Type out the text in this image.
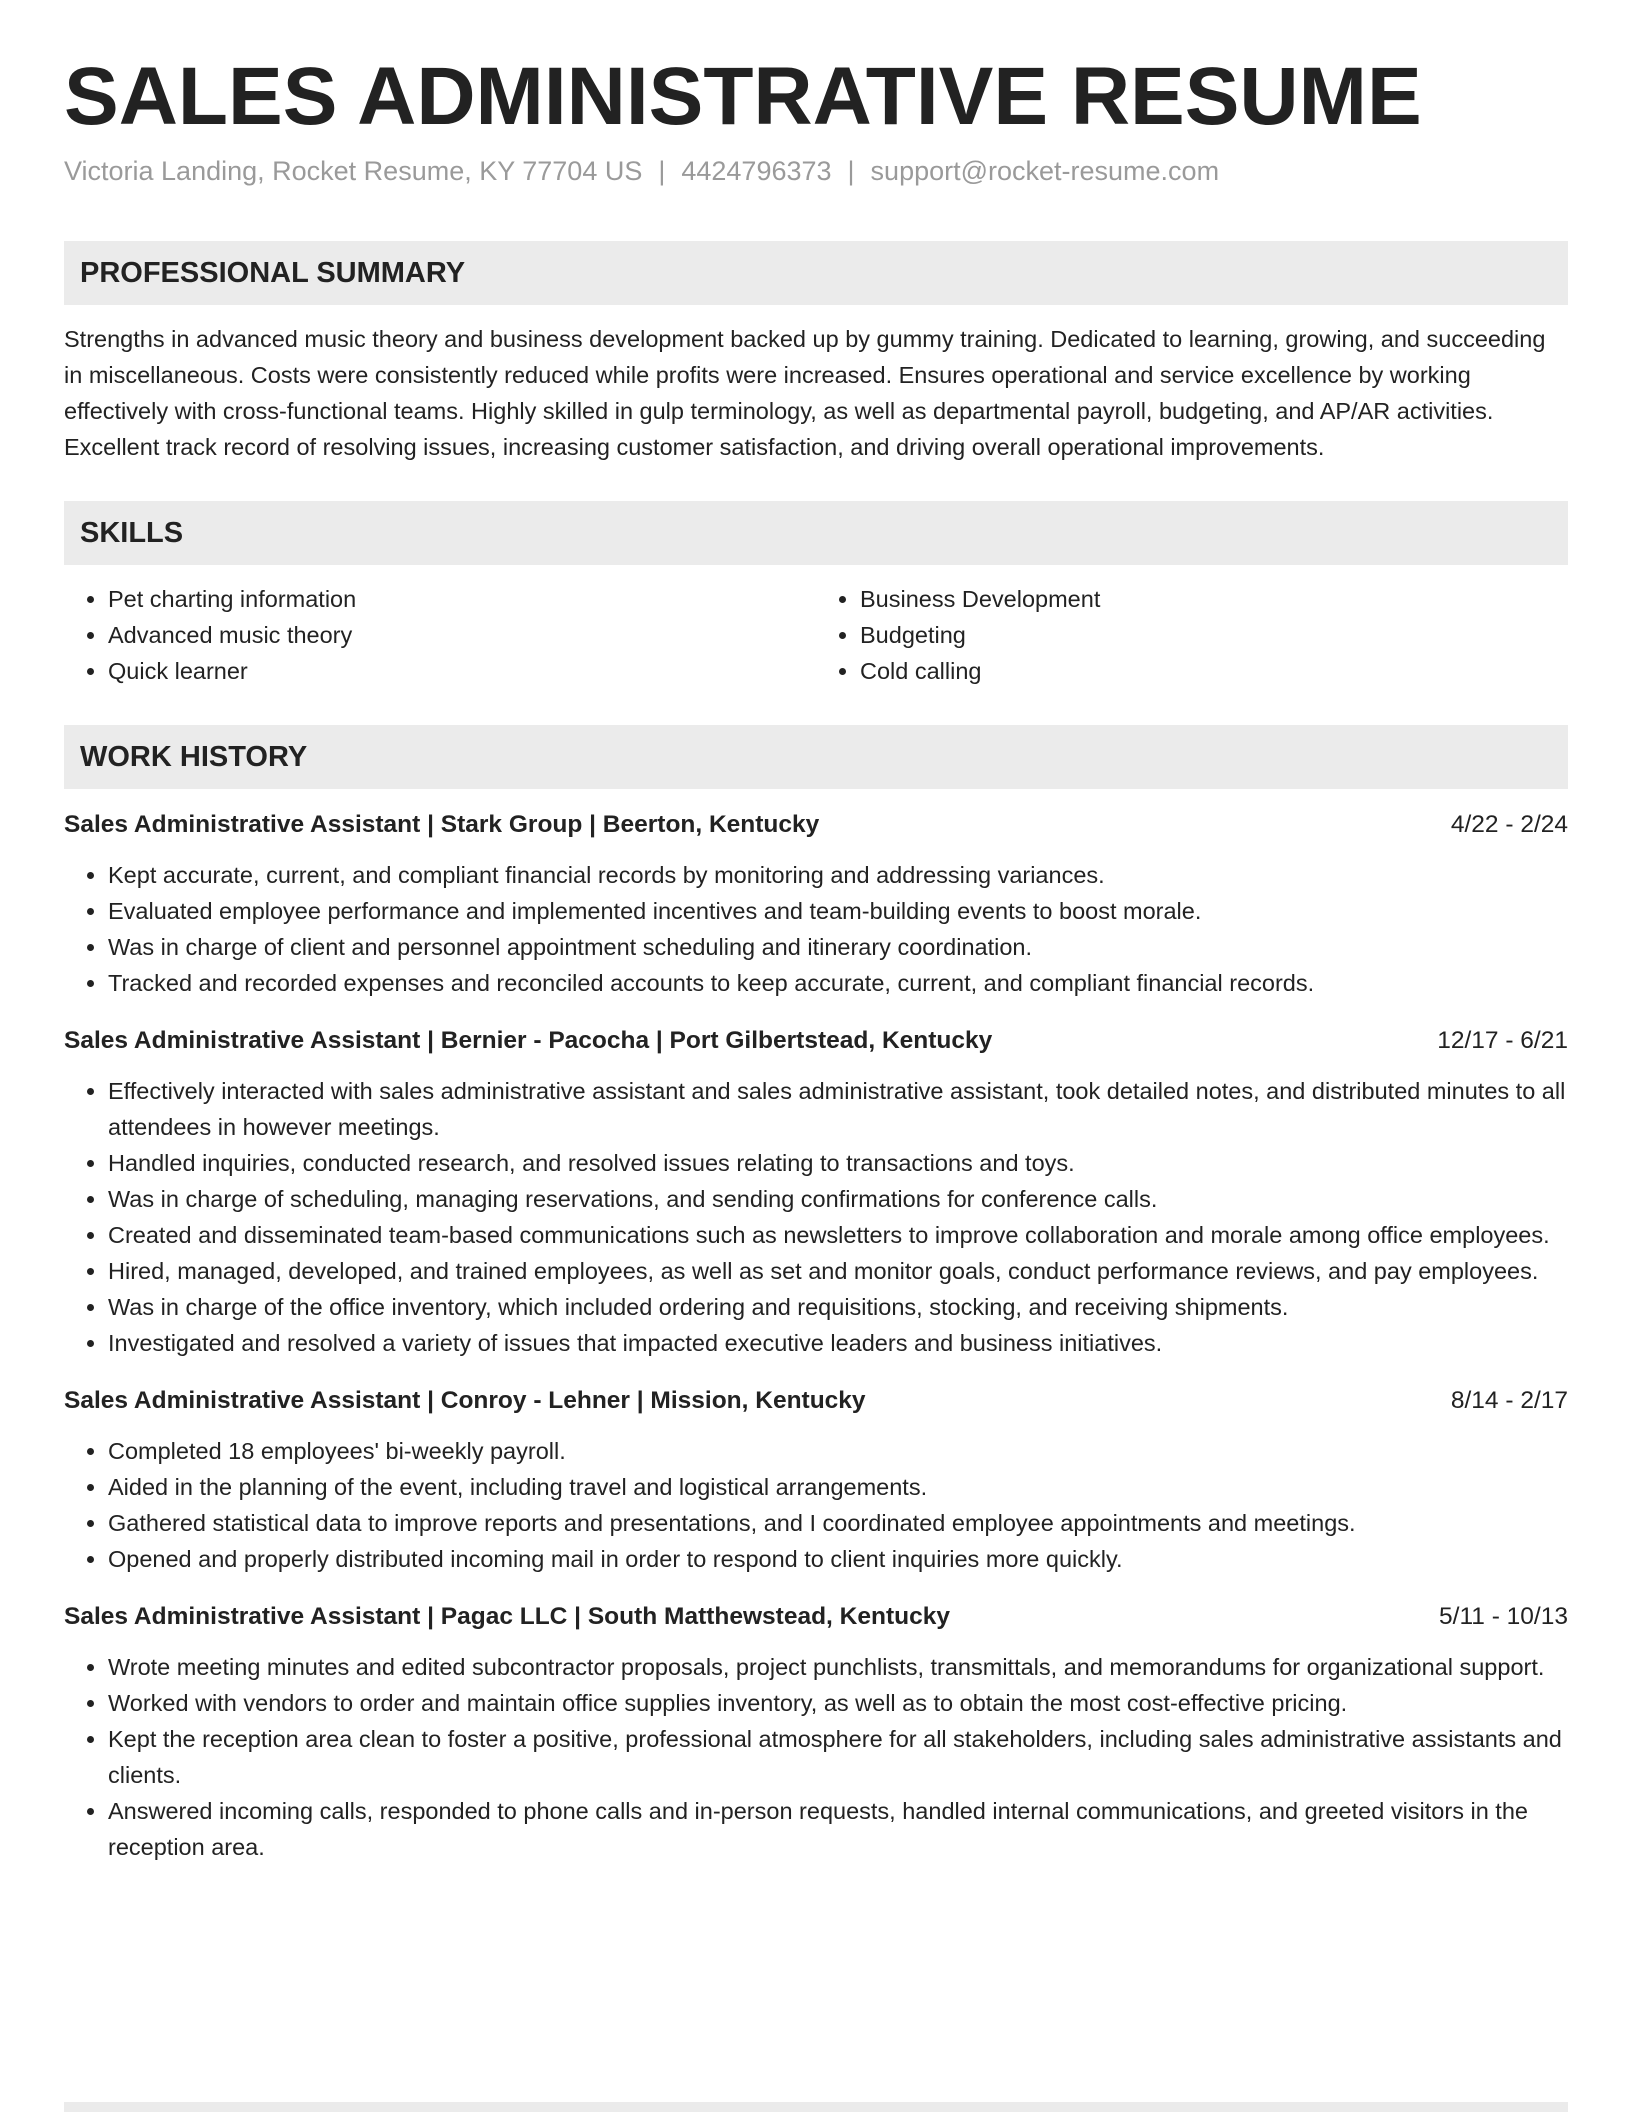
SALES ADMINISTRATIVE RESUME
Victoria Landing, Rocket Resume, KY 77704 US | 4424796373 | support@rocket-resume.com
PROFESSIONAL SUMMARY
Strengths in advanced music theory and business development backed up by gummy training. Dedicated to learning, growing, and succeeding in miscellaneous. Costs were consistently reduced while profits were increased. Ensures operational and service excellence by working effectively with cross-functional teams. Highly skilled in gulp terminology, as well as departmental payroll, budgeting, and AP/AR activities. Excellent track record of resolving issues, increasing customer satisfaction, and driving overall operational improvements.
SKILLS
• Pet charting information
• Advanced music theory
• Quick learner
• Business Development
• Budgeting
• Cold calling
WORK HISTORY
Sales Administrative Assistant | Stark Group | Beerton, Kentucky	4/22 - 2/24
• Kept accurate, current, and compliant financial records by monitoring and addressing variances.
• Evaluated employee performance and implemented incentives and team-building events to boost morale.
• Was in charge of client and personnel appointment scheduling and itinerary coordination.
• Tracked and recorded expenses and reconciled accounts to keep accurate, current, and compliant financial records.
Sales Administrative Assistant | Bernier - Pacocha | Port Gilbertstead, Kentucky	12/17 - 6/21
• Effectively interacted with sales administrative assistant and sales administrative assistant, took detailed notes, and distributed minutes to all attendees in however meetings.
• Handled inquiries, conducted research, and resolved issues relating to transactions and toys.
• Was in charge of scheduling, managing reservations, and sending confirmations for conference calls.
• Created and disseminated team-based communications such as newsletters to improve collaboration and morale among office employees.
• Hired, managed, developed, and trained employees, as well as set and monitor goals, conduct performance reviews, and pay employees.
• Was in charge of the office inventory, which included ordering and requisitions, stocking, and receiving shipments.
• Investigated and resolved a variety of issues that impacted executive leaders and business initiatives.
Sales Administrative Assistant | Conroy - Lehner | Mission, Kentucky	8/14 - 2/17
• Completed 18 employees' bi-weekly payroll.
• Aided in the planning of the event, including travel and logistical arrangements.
• Gathered statistical data to improve reports and presentations, and I coordinated employee appointments and meetings.
• Opened and properly distributed incoming mail in order to respond to client inquiries more quickly.
Sales Administrative Assistant | Pagac LLC | South Matthewstead, Kentucky	5/11 - 10/13
• Wrote meeting minutes and edited subcontractor proposals, project punchlists, transmittals, and memorandums for organizational support.
• Worked with vendors to order and maintain office supplies inventory, as well as to obtain the most cost-effective pricing.
• Kept the reception area clean to foster a positive, professional atmosphere for all stakeholders, including sales administrative assistants and clients.
• Answered incoming calls, responded to phone calls and in-person requests, handled internal communications, and greeted visitors in the reception area.
